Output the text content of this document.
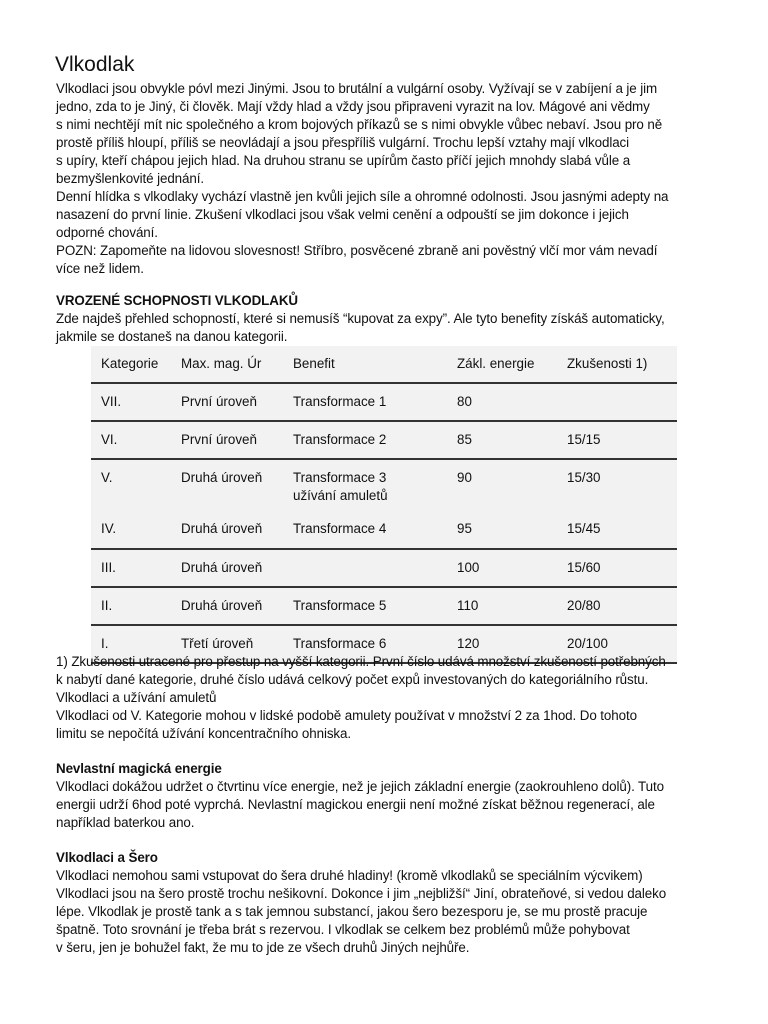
Vlkodlak
Vlkodlaci jsou obvykle póvl mezi Jinými. Jsou to brutální a vulgární osoby. Vyžívají se v zabíjení a je jim
jedno, zda to je Jiný, či člověk. Mají vždy hlad a vždy jsou připraveni vyrazit na lov. Mágové ani vědmy
s nimi nechtějí mít nic společného a krom bojových příkazů se s nimi obvykle vůbec nebaví. Jsou pro ně
prostě příliš hloupí, příliš se neovládají a jsou přespříliš vulgární. Trochu lepší vztahy mají vlkodlaci
s upíry, kteří chápou jejich hlad. Na druhou stranu se upírům často příčí jejich mnohdy slabá vůle a
bezmyšlenkovité jednání.
Denní hlídka s vlkodlaky vychází vlastně jen kvůli jejich síle a ohromné odolnosti. Jsou jasnými adepty na
nasazení do první linie. Zkušení vlkodlaci jsou však velmi cenění a odpouští se jim dokonce i jejich
odporné chování.
POZN: Zapomeňte na lidovou slovesnost! Stříbro, posvěcené zbraně ani pověstný vlčí mor vám nevadí
více než lidem.
VROZENÉ SCHOPNOSTI VLKODLAKŮ
Zde najdeš přehled schopností, které si nemusíš “kupovat za expy”. Ale tyto benefity získáš automaticky,
jakmile se dostaneš na danou kategorii.
Kategorie	Max. mag. Úr	Benefit	Zákl. energie	Zkušenosti 1)

VII.	První úroveň	Transformace 1	80	

VI.	První úroveň	Transformace 2	85	15/15

V.	Druhá úroveň	Transformace 3
užívání amuletů	90	15/30

IV.	Druhá úroveň	Transformace 4	95	15/45

III.	Druhá úroveň		100	15/60

II.	Druhá úroveň	Transformace 5	110	20/80

I.	Třetí úroveň	Transformace 6	120	20/100
1) Zkušenosti utracené pro přestup na vyšší kategorii. První číslo udává množství zkušeností potřebných
k nabytí dané kategorie, druhé číslo udává celkový počet expů investovaných do kategoriálního růstu.
Vlkodlaci a užívání amuletů
Vlkodlaci od V. Kategorie mohou v lidské podobě amulety používat v množství 2 za 1hod. Do tohoto
limitu se nepočítá užívání koncentračního ohniska.
Nevlastní magická energie
Vlkodlaci dokážou udržet o čtvrtinu více energie, než je jejich základní energie (zaokrouhleno dolů). Tuto
energii udrží 6hod poté vyprchá. Nevlastní magickou energii není možné získat běžnou regenerací, ale
například baterkou ano.
Vlkodlaci a Šero
Vlkodlaci nemohou sami vstupovat do šera druhé hladiny! (kromě vlkodlaků se speciálním výcvikem)
Vlkodlaci jsou na šero prostě trochu nešikovní. Dokonce i jim „nejbližší“ Jiní, obrateňové, si vedou daleko
lépe. Vlkodlak je prostě tank a s tak jemnou substancí, jakou šero bezesporu je, se mu prostě pracuje
špatně. Toto srovnání je třeba brát s rezervou. I vlkodlak se celkem bez problémů může pohybovat
v šeru, jen je bohužel fakt, že mu to jde ze všech druhů Jiných nejhůře.
